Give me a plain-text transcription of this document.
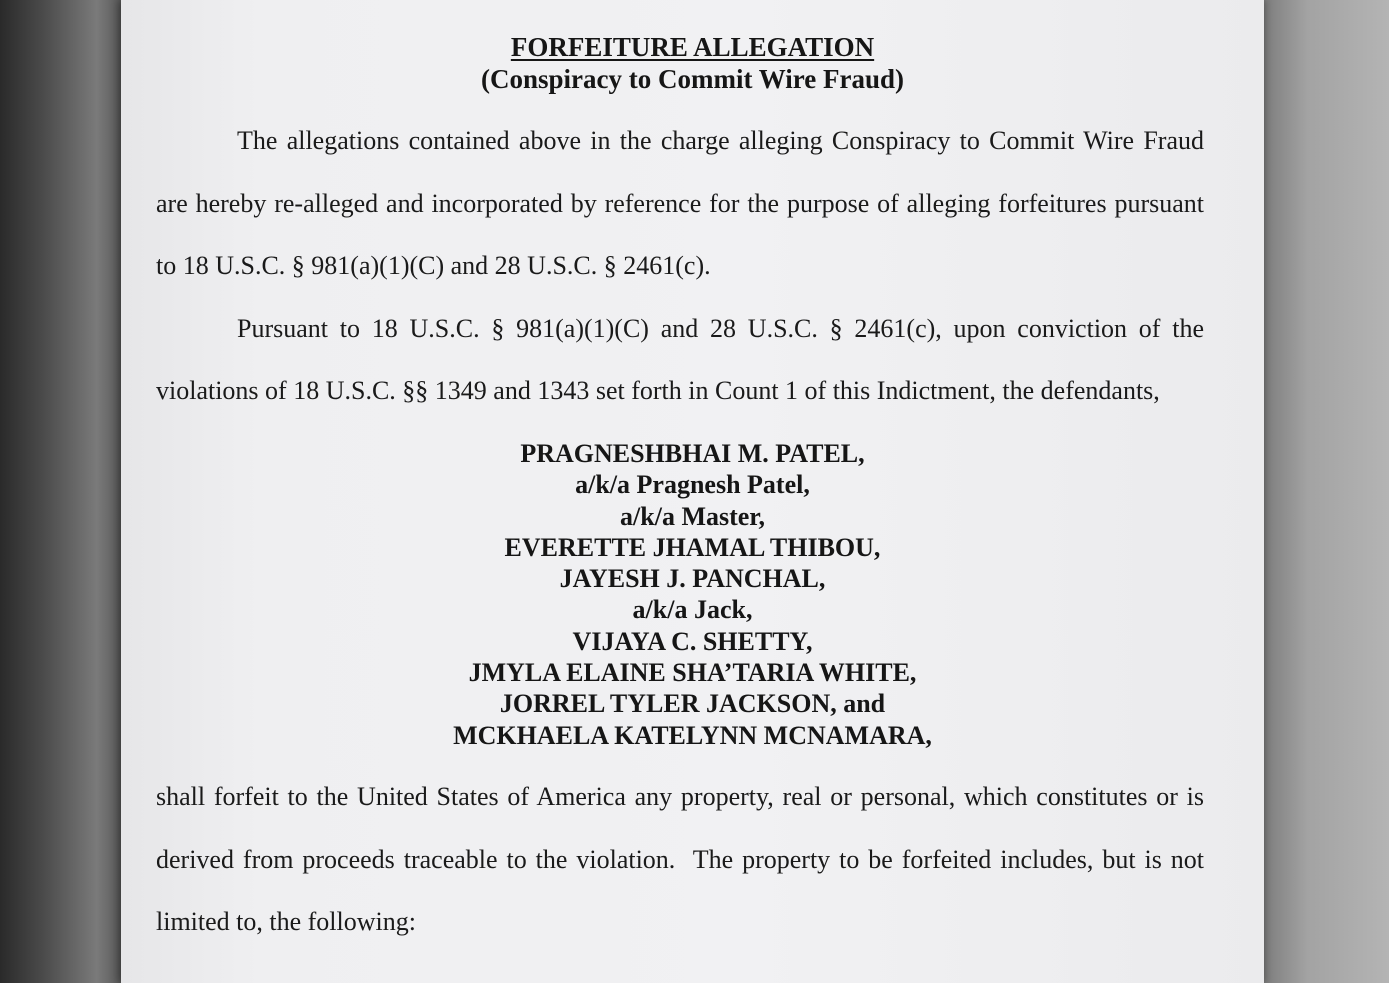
FORFEITURE ALLEGATION
(Conspiracy to Commit Wire Fraud)
The allegations contained above in the charge alleging Conspiracy to Commit Wire Fraud
are hereby re-alleged and incorporated by reference for the purpose of alleging forfeitures pursuant
to 18 U.S.C. § 981(a)(1)(C) and 28 U.S.C. § 2461(c).
Pursuant to 18 U.S.C. § 981(a)(1)(C) and 28 U.S.C. § 2461(c), upon conviction of the
violations of 18 U.S.C. §§ 1349 and 1343 set forth in Count 1 of this Indictment, the defendants,
PRAGNESHBHAI M. PATEL,
a/k/a Pragnesh Patel,
a/k/a Master,
EVERETTE JHAMAL THIBOU,
JAYESH J. PANCHAL,
a/k/a Jack,
VIJAYA C. SHETTY,
JMYLA ELAINE SHA’TARIA WHITE,
JORREL TYLER JACKSON, and
MCKHAELA KATELYNN MCNAMARA,
shall forfeit to the United States of America any property, real or personal, which constitutes or is
derived from proceeds traceable to the violation.  The property to be forfeited includes, but is not
limited to, the following:
